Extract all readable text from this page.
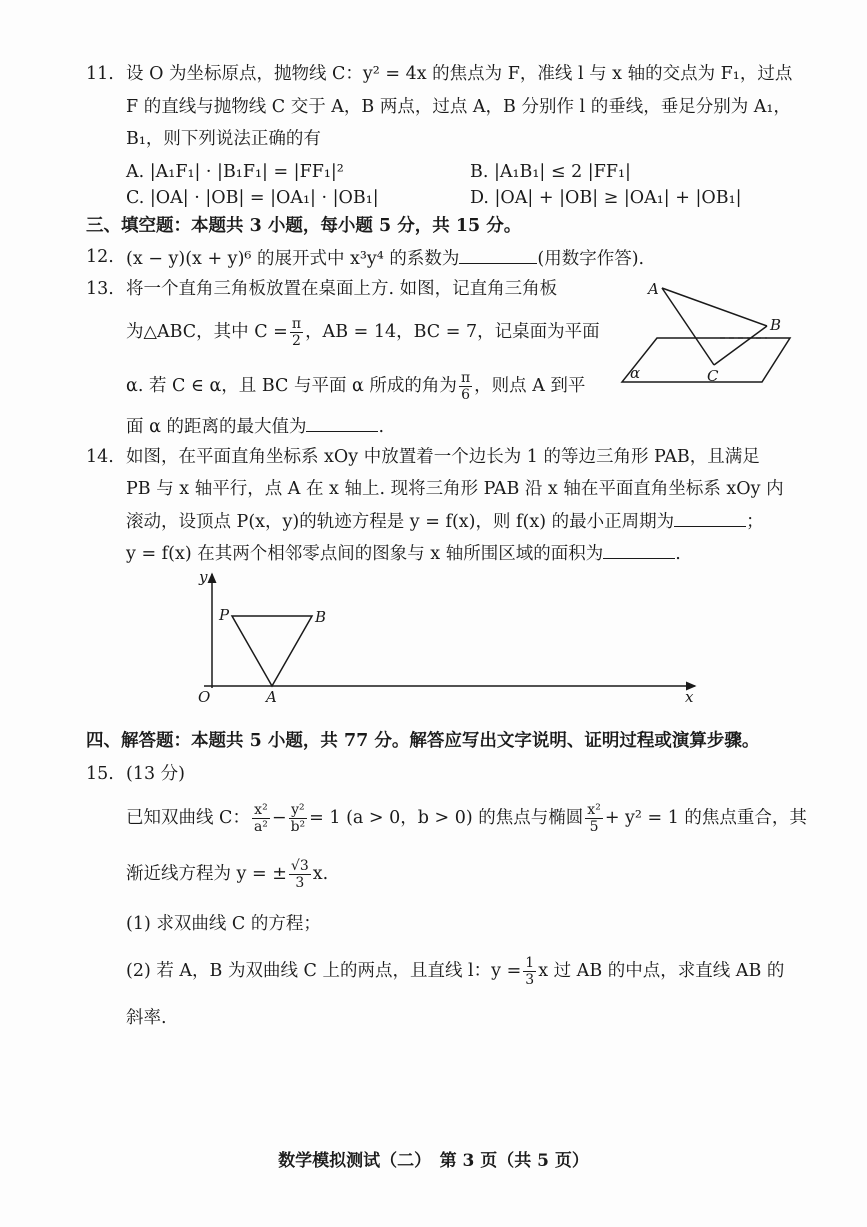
11. 设 O 为坐标原点，抛物线 C：y² = 4x 的焦点为 F，准线 l 与 x 轴的交点为 F₁，过点
F 的直线与抛物线 C 交于 A，B 两点，过点 A，B 分别作 l 的垂线，垂足分别为 A₁，
B₁，则下列说法正确的有
A. |A₁F₁| · |B₁F₁| = |FF₁|²	B. |A₁B₁| ≤ 2 |FF₁|
C. |OA| · |OB| = |OA₁| · |OB₁|	D. |OA| + |OB| ≥ |OA₁| + |OB₁|
三、填空题：本题共 3 小题，每小题 5 分，共 15 分。
12. (x − y)(x + y)⁶ 的展开式中 x³y⁴ 的系数为	(用数字作答).
13. 将一个直角三角板放置在桌面上方. 如图，记直角三角板
为△ABC，其中 $C = \frac{\pi}{2}$ ，AB = 14，BC = 7，记桌面为平面
α. 若 C ∈ α，且 BC 与平面 α 所成的角为 $\frac{\pi}{6}$ ，则点 A 到平
面 α 的距离的最大值为	.
A
B
C
α
14. 如图，在平面直角坐标系 xOy 中放置着一个边长为 1 的等边三角形 PAB，且满足
PB 与 x 轴平行，点 A 在 x 轴上. 现将三角形 PAB 沿 x 轴在平面直角坐标系 xOy 内
滚动，设顶点 P(x，y)的轨迹方程是 y = f(x)，则 f(x) 的最小正周期为	；
y = f(x) 在其两个相邻零点间的图象与 x 轴所围区域的面积为	.
y
x
O
P	B
A
四、解答题：本题共 5 小题，共 77 分。解答应写出文字说明、证明过程或演算步骤。
15. (13 分)
已知双曲线 C： $\frac{\text{x²}}{\text{a²}} - \frac{\text{y²}}{\text{b²}} = 1$ (a > 0，b > 0) 的焦点与椭圆 $\frac{\text{x²}}{5} + y^2 = 1$ 的焦点重合，其
渐近线方程为 y = ± $\frac{√3}{3} x$.
(1) 求双曲线 C 的方程；
(2) 若 A，B 为双曲线 C 上的两点，且直线 l：$y = \frac{1}{3}$ x 过 AB 的中点，求直线 AB 的
斜率.
数学模拟测试（二）　第 3 页（共 5 页）
